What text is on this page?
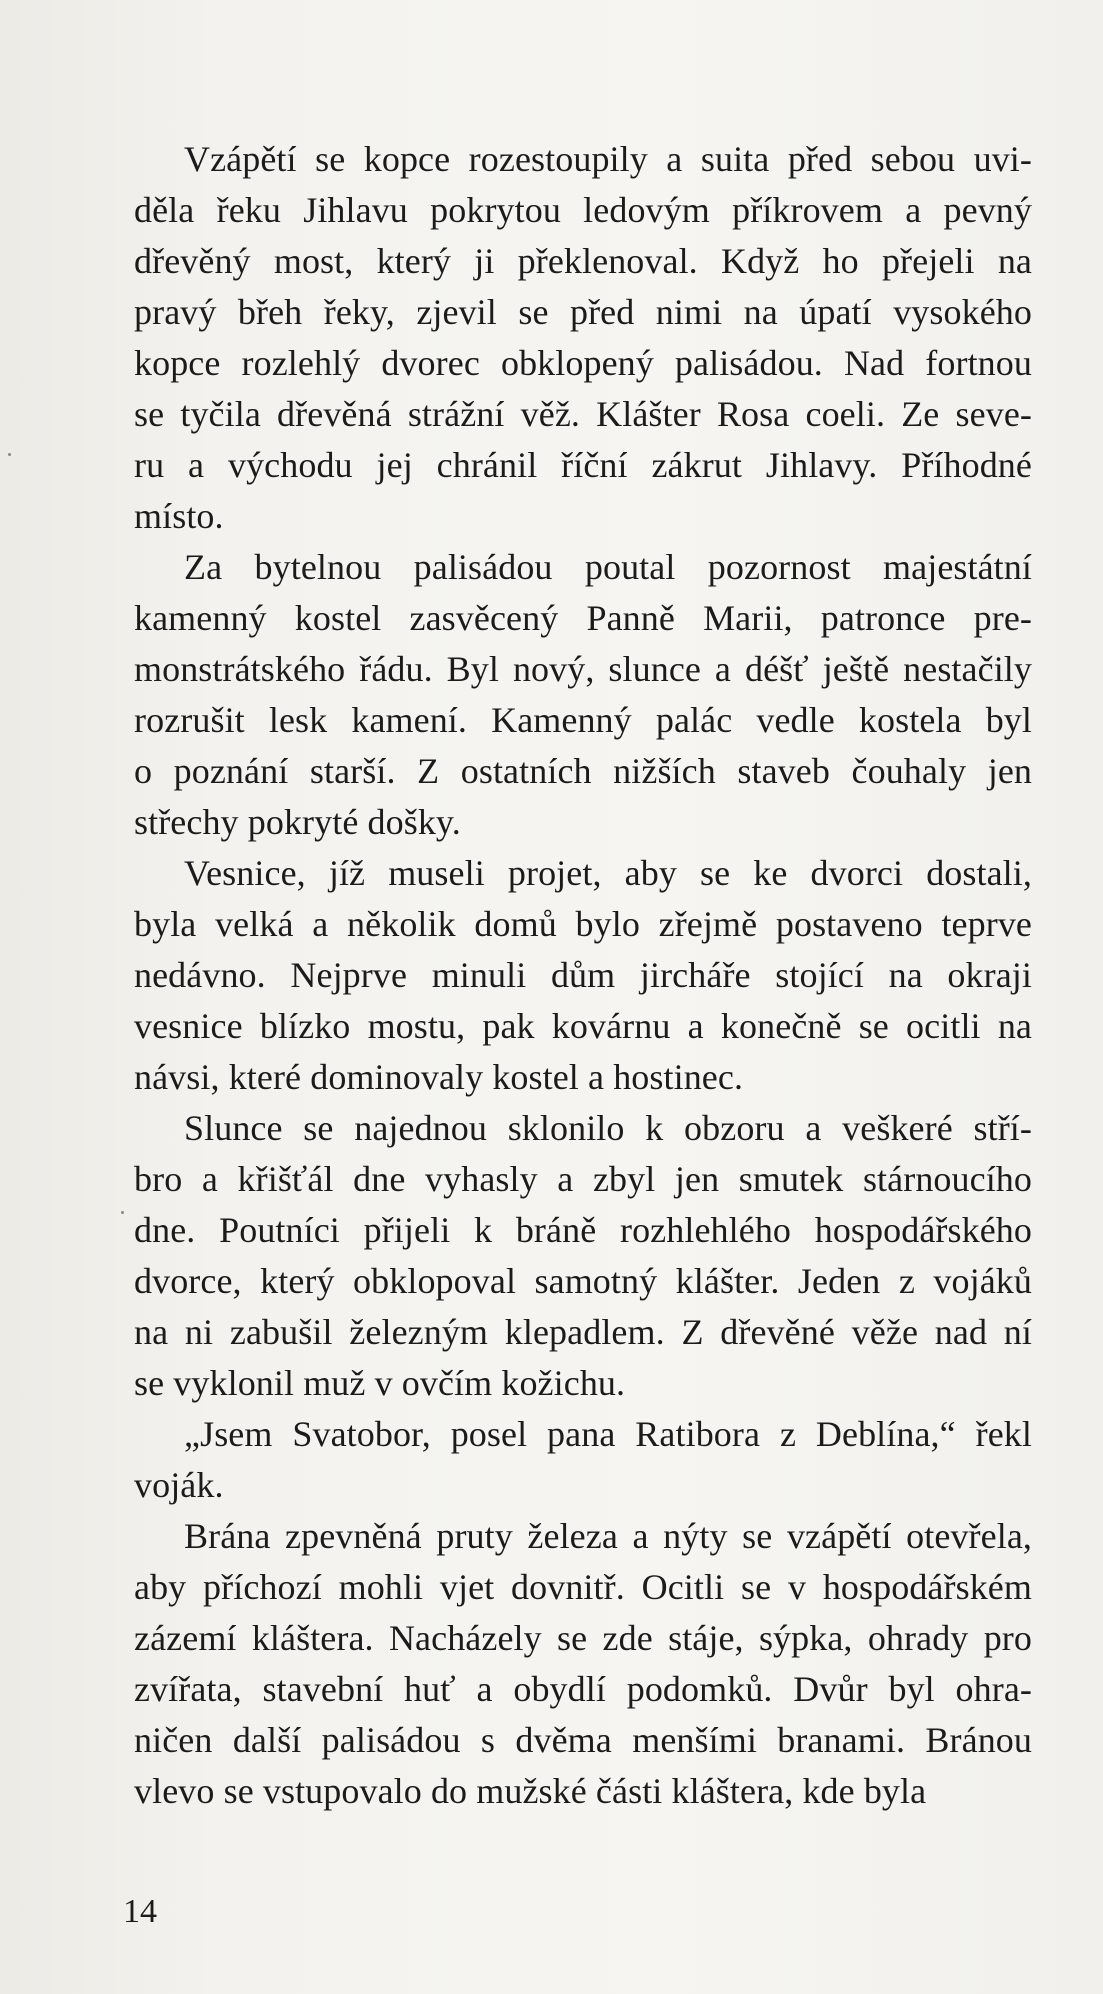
Vzápětí se kopce rozestoupily a suita před sebou uvi-
děla řeku Jihlavu pokrytou ledovým příkrovem a pevný
dřevěný most, který ji překlenoval. Když ho přejeli na
pravý břeh řeky, zjevil se před nimi na úpatí vysokého
kopce rozlehlý dvorec obklopený palisádou. Nad fortnou
se tyčila dřevěná strážní věž. Klášter Rosa coeli. Ze seve-
ru a východu jej chránil říční zákrut Jihlavy. Příhodné
místo.
Za bytelnou palisádou poutal pozornost majestátní
kamenný kostel zasvěcený Panně Marii, patronce pre-
monstrátského řádu. Byl nový, slunce a déšť ještě nestačily
rozrušit lesk kamení. Kamenný palác vedle kostela byl
o poznání starší. Z ostatních nižších staveb čouhaly jen
střechy pokryté došky.
Vesnice, jíž museli projet, aby se ke dvorci dostali,
byla velká a několik domů bylo zřejmě postaveno teprve
nedávno. Nejprve minuli dům jircháře stojící na okraji
vesnice blízko mostu, pak kovárnu a konečně se ocitli na
návsi, které dominovaly kostel a hostinec.
Slunce se najednou sklonilo k obzoru a veškeré stří-
bro a křišťál dne vyhasly a zbyl jen smutek stárnoucího
dne. Poutníci přijeli k bráně rozhlehlého hospodářského
dvorce, který obklopoval samotný klášter. Jeden z vojáků
na ni zabušil železným klepadlem. Z dřevěné věže nad ní
se vyklonil muž v ovčím kožichu.
„Jsem Svatobor, posel pana Ratibora z Deblína,“ řekl
voják.
Brána zpevněná pruty železa a nýty se vzápětí otevřela,
aby příchozí mohli vjet dovnitř. Ocitli se v hospodářském
zázemí kláštera. Nacházely se zde stáje, sýpka, ohrady pro
zvířata, stavební huť a obydlí podomků. Dvůr byl ohra-
ničen další palisádou s dvěma menšími branami. Bránou
vlevo se vstupovalo do mužské části kláštera, kde byla
14
